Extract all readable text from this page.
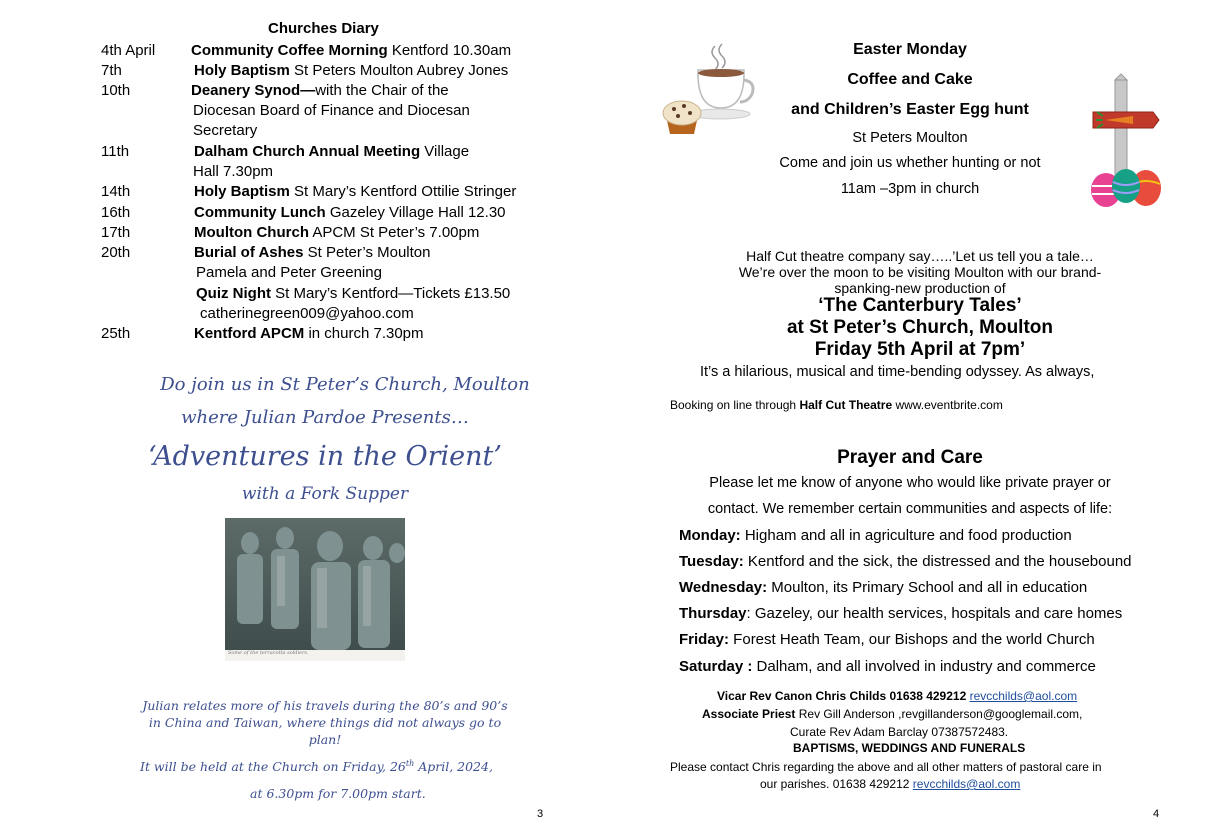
Churches Diary
4th April Community Coffee Morning Kentford 10.30am
7th	Holy Baptism St Peters Moulton Aubrey Jones
10th	Deanery Synod—with the Chair of the
Diocesan Board of Finance and Diocesan
Secretary
11th	Dalham Church Annual Meeting Village
Hall 7.30pm
14th	Holy Baptism St Mary’s Kentford Ottilie Stringer
16th	Community Lunch Gazeley Village Hall 12.30
17th	Moulton Church APCM St Peter’s 7.00pm
20th	Burial of Ashes St Peter’s Moulton
Pamela and Peter Greening
Quiz Night St Mary’s Kentford—Tickets £13.50
catherinegreen009@yahoo.com
25th	Kentford APCM in church 7.30pm
Do join us in St Peter’s Church, Moulton
where Julian Pardoe Presents…
‘Adventures in the Orient’
with a Fork Supper
Some of the terracotta soldiers.
Julian relates more of his travels during the 80’s and 90’s
in China and Taiwan, where things did not always go to
plan!
It will be held at the Church on Friday, 26th April, 2024,
at 6.30pm for 7.00pm start.
3
Easter Monday
Coffee and Cake
and Children’s Easter Egg hunt
St Peters Moulton
Come and join us whether hunting or not
11am –3pm in church
Half Cut theatre company say…..’Let us tell you a tale…
We’re over the moon to be visiting Moulton with our brand-
spanking-new production of
‘The Canterbury Tales’
at St Peter’s Church, Moulton
Friday 5th April at 7pm’
It’s a hilarious, musical and time-bending odyssey. As always,
Booking on line through Half Cut Theatre www.eventbrite.com
Prayer and Care
Please let me know of anyone who would like private prayer or
contact. We remember certain communities and aspects of life:
Monday: Higham and all in agriculture and food production
Tuesday: Kentford and the sick, the distressed and the housebound
Wednesday: Moulton, its Primary School and all in education
Thursday: Gazeley, our health services, hospitals and care homes
Friday: Forest Heath Team, our Bishops and the world Church
Saturday : Dalham, and all involved in industry and commerce
Vicar Rev Canon Chris Childs 01638 429212 revcchilds@aol.com
Associate Priest Rev Gill Anderson ,revgillanderson@googlemail.com,
Curate Rev Adam Barclay 07387572483.
BAPTISMS, WEDDINGS AND FUNERALS
Please contact Chris regarding the above and all other matters of pastoral care in
our parishes. 01638 429212 revcchilds@aol.com
4
